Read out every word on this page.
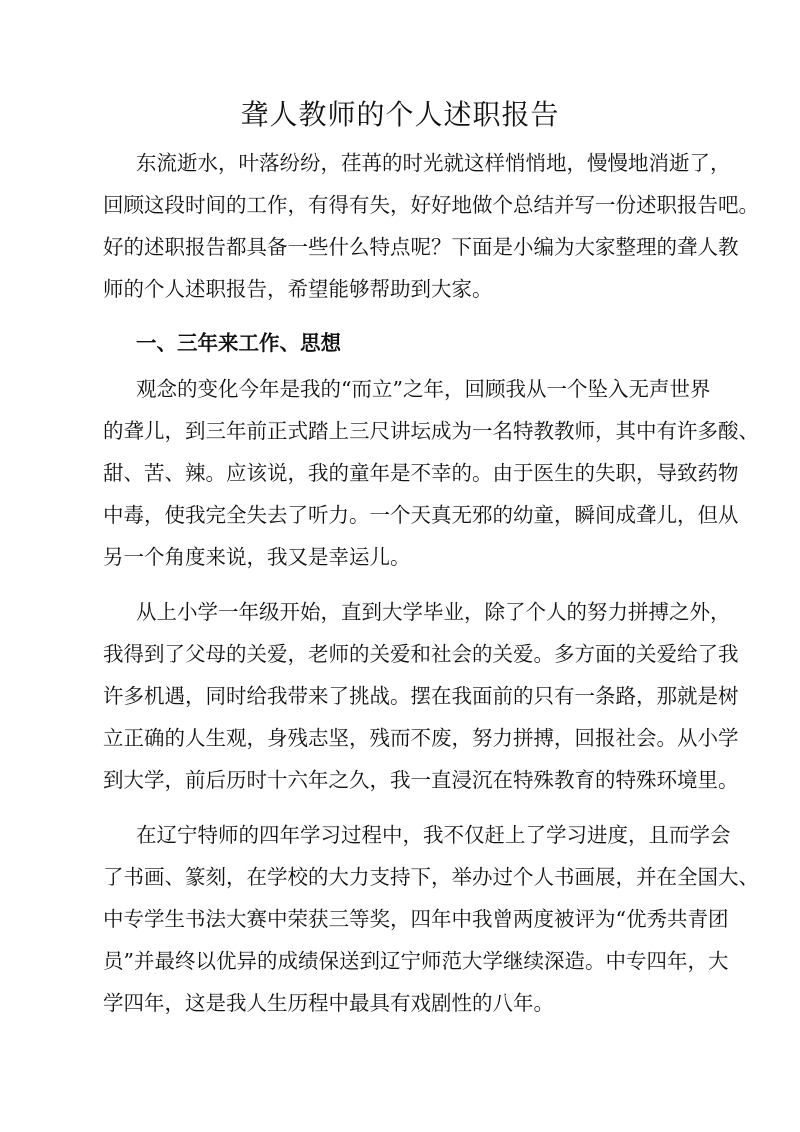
聋人教师的个人述职报告

东流逝水，叶落纷纷，荏苒的时光就这样悄悄地，慢慢地消逝了，

回顾这段时间的工作，有得有失，好好地做个总结并写一份述职报告吧。

好的述职报告都具备一些什么特点呢？下面是小编为大家整理的聋人教

师的个人述职报告，希望能够帮助到大家。

一、三年来工作、思想

观念的变化今年是我的“而立”之年，回顾我从一个坠入无声世界

的聋儿，到三年前正式踏上三尺讲坛成为一名特教教师，其中有许多酸、

甜、苦、辣。应该说，我的童年是不幸的。由于医生的失职，导致药物

中毒，使我完全失去了听力。一个天真无邪的幼童，瞬间成聋儿，但从

另一个角度来说，我又是幸运儿。

从上小学一年级开始，直到大学毕业，除了个人的努力拼搏之外，

我得到了父母的关爱，老师的关爱和社会的关爱。多方面的关爱给了我

许多机遇，同时给我带来了挑战。摆在我面前的只有一条路，那就是树

立正确的人生观，身残志坚，残而不废，努力拼搏，回报社会。从小学

到大学，前后历时十六年之久，我一直浸沉在特殊教育的特殊环境里。

在辽宁特师的四年学习过程中，我不仅赶上了学习进度，且而学会

了书画、篆刻，在学校的大力支持下，举办过个人书画展，并在全国大、

中专学生书法大赛中荣获三等奖，四年中我曾两度被评为“优秀共青团

员”并最终以优异的成绩保送到辽宁师范大学继续深造。中专四年，大

学四年，这是我人生历程中最具有戏剧性的八年。
